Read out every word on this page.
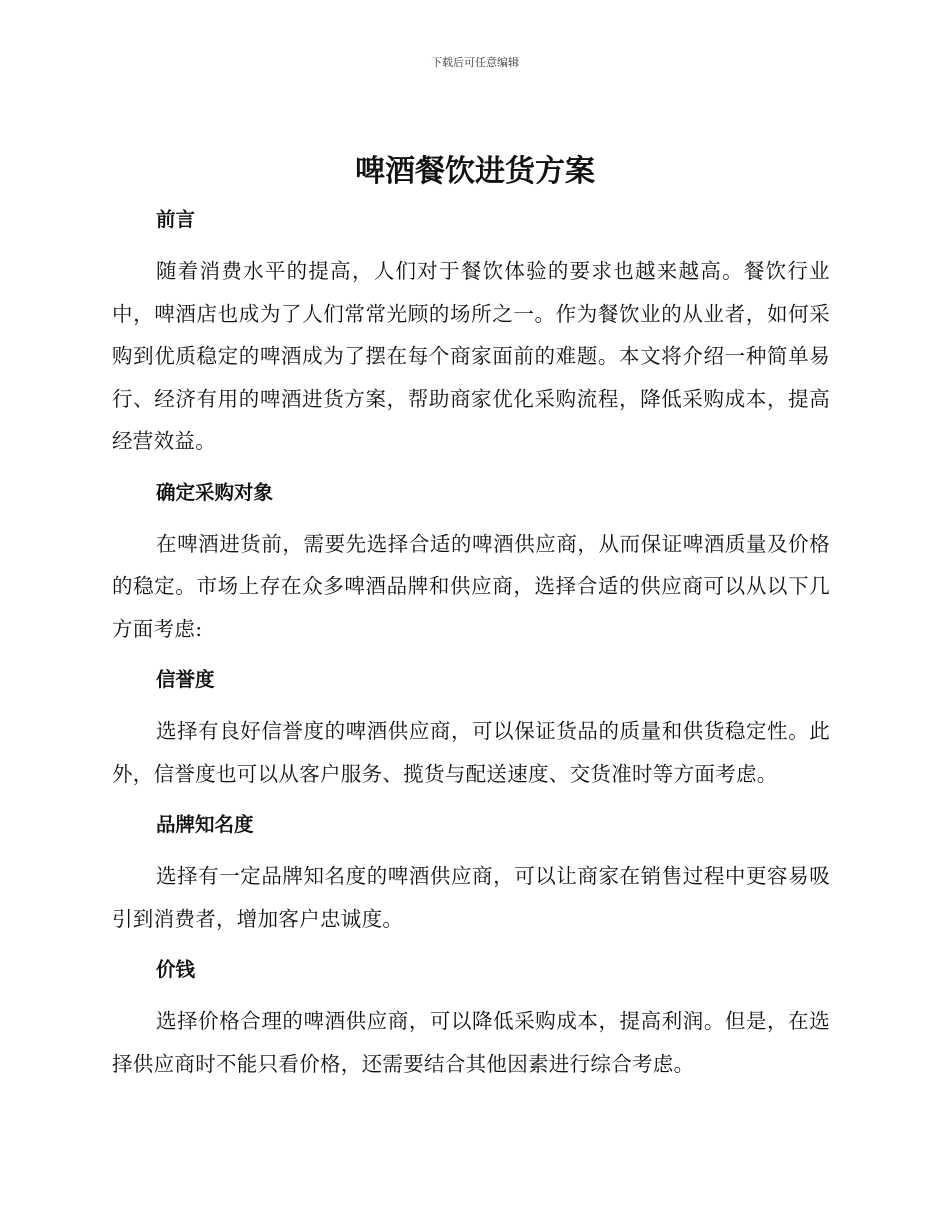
下载后可任意编辑
啤酒餐饮进货方案
前言

随着消费水平的提高，人们对于餐饮体验的要求也越来越高。餐饮行业中，啤酒店也成为了人们常常光顾的场所之一。作为餐饮业的从业者，如何采购到优质稳定的啤酒成为了摆在每个商家面前的难题。本文将介绍一种简单易行、经济有用的啤酒进货方案，帮助商家优化采购流程，降低采购成本，提高经营效益。

确定采购对象

在啤酒进货前，需要先选择合适的啤酒供应商，从而保证啤酒质量及价格的稳定。市场上存在众多啤酒品牌和供应商，选择合适的供应商可以从以下几方面考虑:

信誉度

选择有良好信誉度的啤酒供应商，可以保证货品的质量和供货稳定性。此外，信誉度也可以从客户服务、揽货与配送速度、交货准时等方面考虑。

品牌知名度

选择有一定品牌知名度的啤酒供应商，可以让商家在销售过程中更容易吸引到消费者，增加客户忠诚度。

价钱

选择价格合理的啤酒供应商，可以降低采购成本，提高利润。但是，在选择供应商时不能只看价格，还需要结合其他因素进行综合考虑。
